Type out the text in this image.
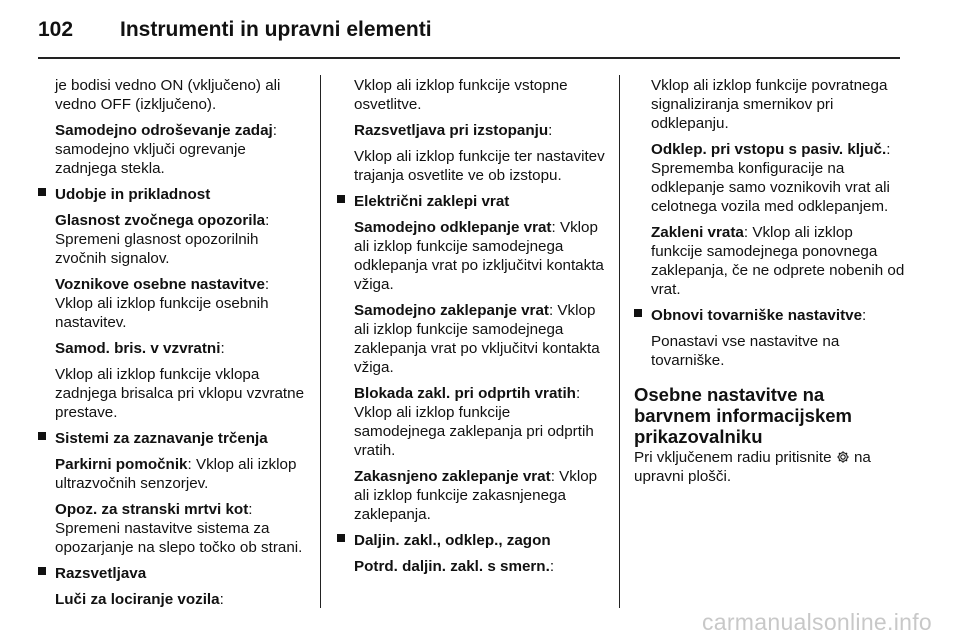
102 Instrumenti in upravni elementi
je bodisi vedno ON (vključeno) ali vedno OFF (izključeno).
Samodejno odroševanje zadaj: samodejno vključi ogrevanje zadnjega stekla.
Udobje in prikladnost
Glasnost zvočnega opozorila: Spremeni glasnost opozorilnih zvočnih signalov.
Voznikove osebne nastavitve: Vklop ali izklop funkcije osebnih nastavitev.
Samod. bris. v vzvratni:
Vklop ali izklop funkcije vklopa zadnjega brisalca pri vklopu vzvratne prestave.
Sistemi za zaznavanje trčenja
Parkirni pomočnik: Vklop ali izklop ultrazvočnih senzorjev.
Opoz. za stranski mrtvi kot: Spremeni nastavitve sistema za opozarjanje na slepo točko ob strani.
Razsvetljava
Luči za lociranje vozila:
Vklop ali izklop funkcije vstopne osvetlitve.
Razsvetljava pri izstopanju:
Vklop ali izklop funkcije ter nastavitev trajanja osvetlite ve ob izstopu.
Električni zaklepi vrat
Samodejno odklepanje vrat: Vklop ali izklop funkcije samodejnega odklepanja vrat po izključitvi kontakta vžiga.
Samodejno zaklepanje vrat: Vklop ali izklop funkcije samodejnega zaklepanja vrat po vključitvi kontakta vžiga.
Blokada zakl. pri odprtih vratih: Vklop ali izklop funkcije samodejnega zaklepanja pri odprtih vratih.
Zakasnjeno zaklepanje vrat: Vklop ali izklop funkcije zakasnjenega zaklepanja.
Daljin. zakl., odklep., zagon
Potrd. daljin. zakl. s smern.:
Vklop ali izklop funkcije povratnega signaliziranja smernikov pri odklepanju.
Odklep. pri vstopu s pasiv. ključ.: Sprememba konfiguracije na odklepanje samo voznikovih vrat ali celotnega vozila med odklepanjem.
Zakleni vrata: Vklop ali izklop funkcije samodejnega ponovnega zaklepanja, če ne odprete nobenih od vrat.
Obnovi tovarniške nastavitve:
Ponastavi vse nastavitve na tovarniške.
Osebne nastavitve na barvnem informacijskem prikazovalniku
Pri vključenem radiu pritisnite na upravni plošči.
carmanualsonline.info
